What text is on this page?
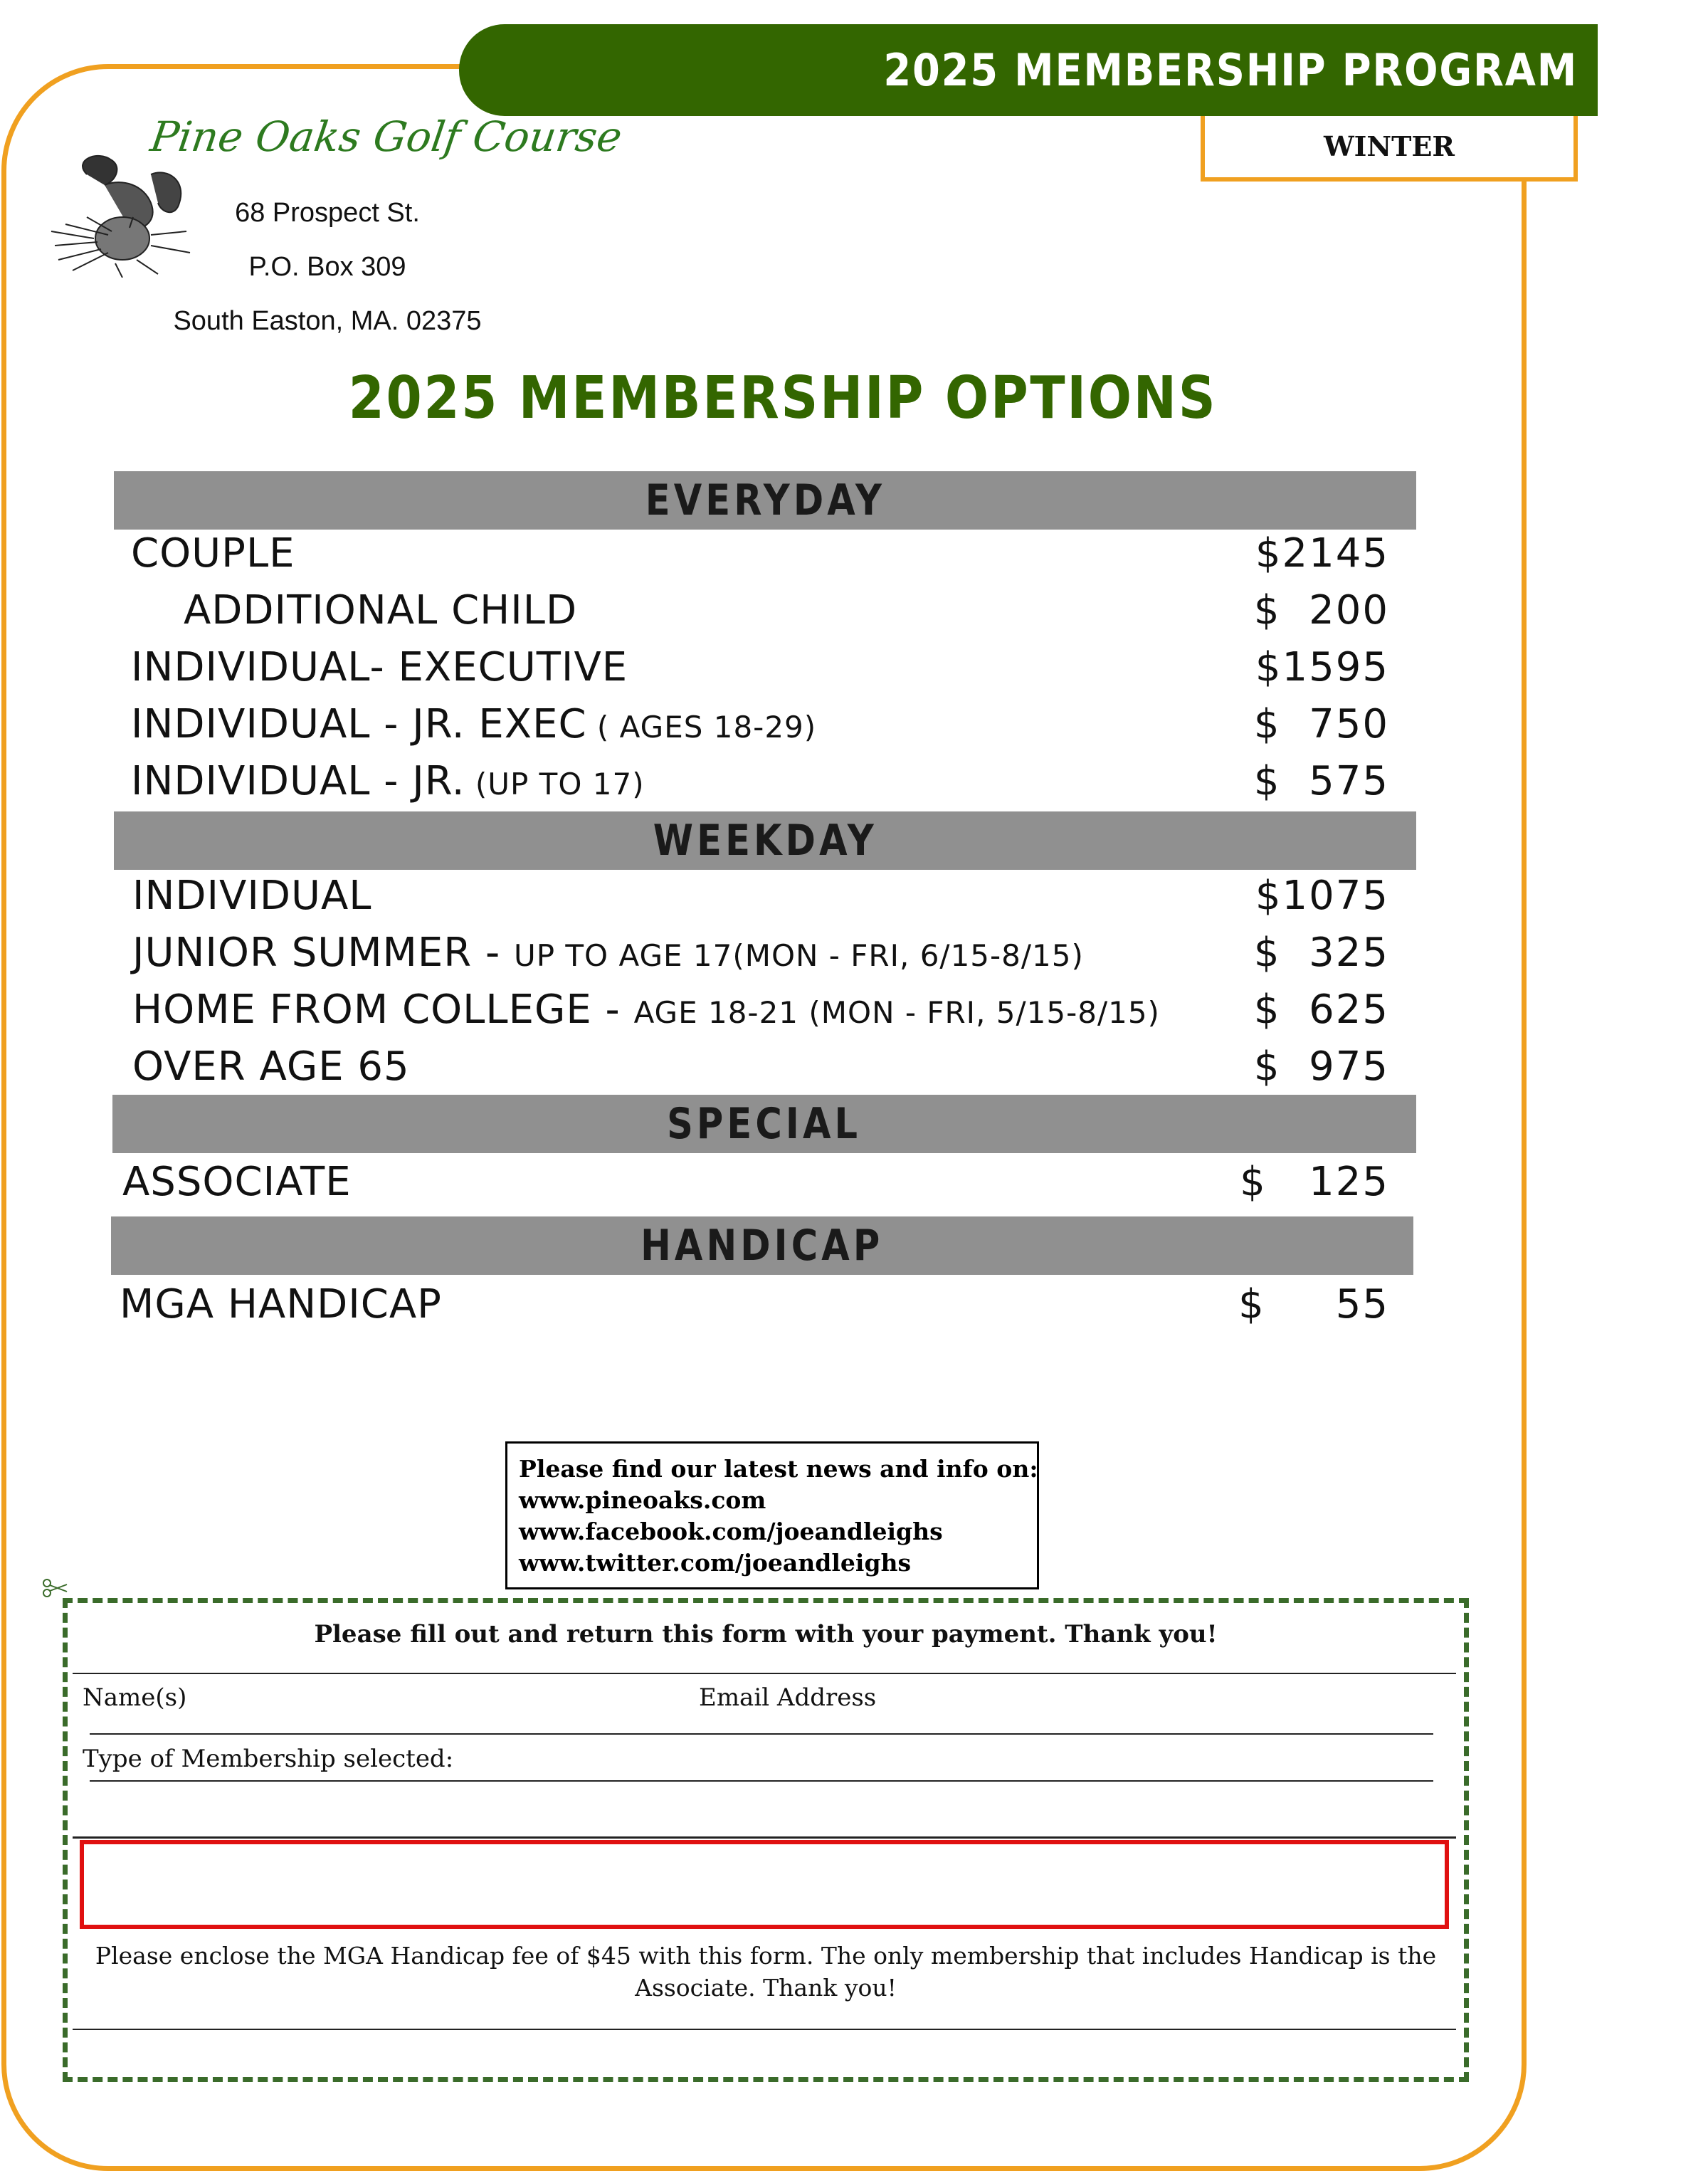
2025 MEMBERSHIP PROGRAM
WINTER
Pine Oaks Golf Course
68 Prospect St.
P.O. Box 309
South Easton, MA. 02375
2025 MEMBERSHIP OPTIONS
EVERYDAY
COUPLE	$2145
ADDITIONAL CHILD	$  200
INDIVIDUAL- EXECUTIVE	$1595
INDIVIDUAL - JR. EXEC ( AGES 18-29)	$  750
INDIVIDUAL - JR. (UP TO 17)	$  575
WEEKDAY
INDIVIDUAL	$1075
JUNIOR SUMMER - UP TO AGE 17(MON - FRI, 6/15-8/15)	$  325
HOME FROM COLLEGE - AGE 18-21 (MON - FRI, 5/15-8/15) $  625
OVER AGE 65	$  975
SPECIAL
ASSOCIATE	$   125
HANDICAP
MGA HANDICAP	$     55
Please find our latest news and info on:
www.pineoaks.com
www.facebook.com/joeandleighs
www.twitter.com/joeandleighs
Please fill out and return this form with your payment. Thank you!
Name(s)	Email Address
Type of Membership selected:
Please enclose the MGA Handicap fee of $45 with this form. The only membership that includes Handicap is the
Associate. Thank you!
